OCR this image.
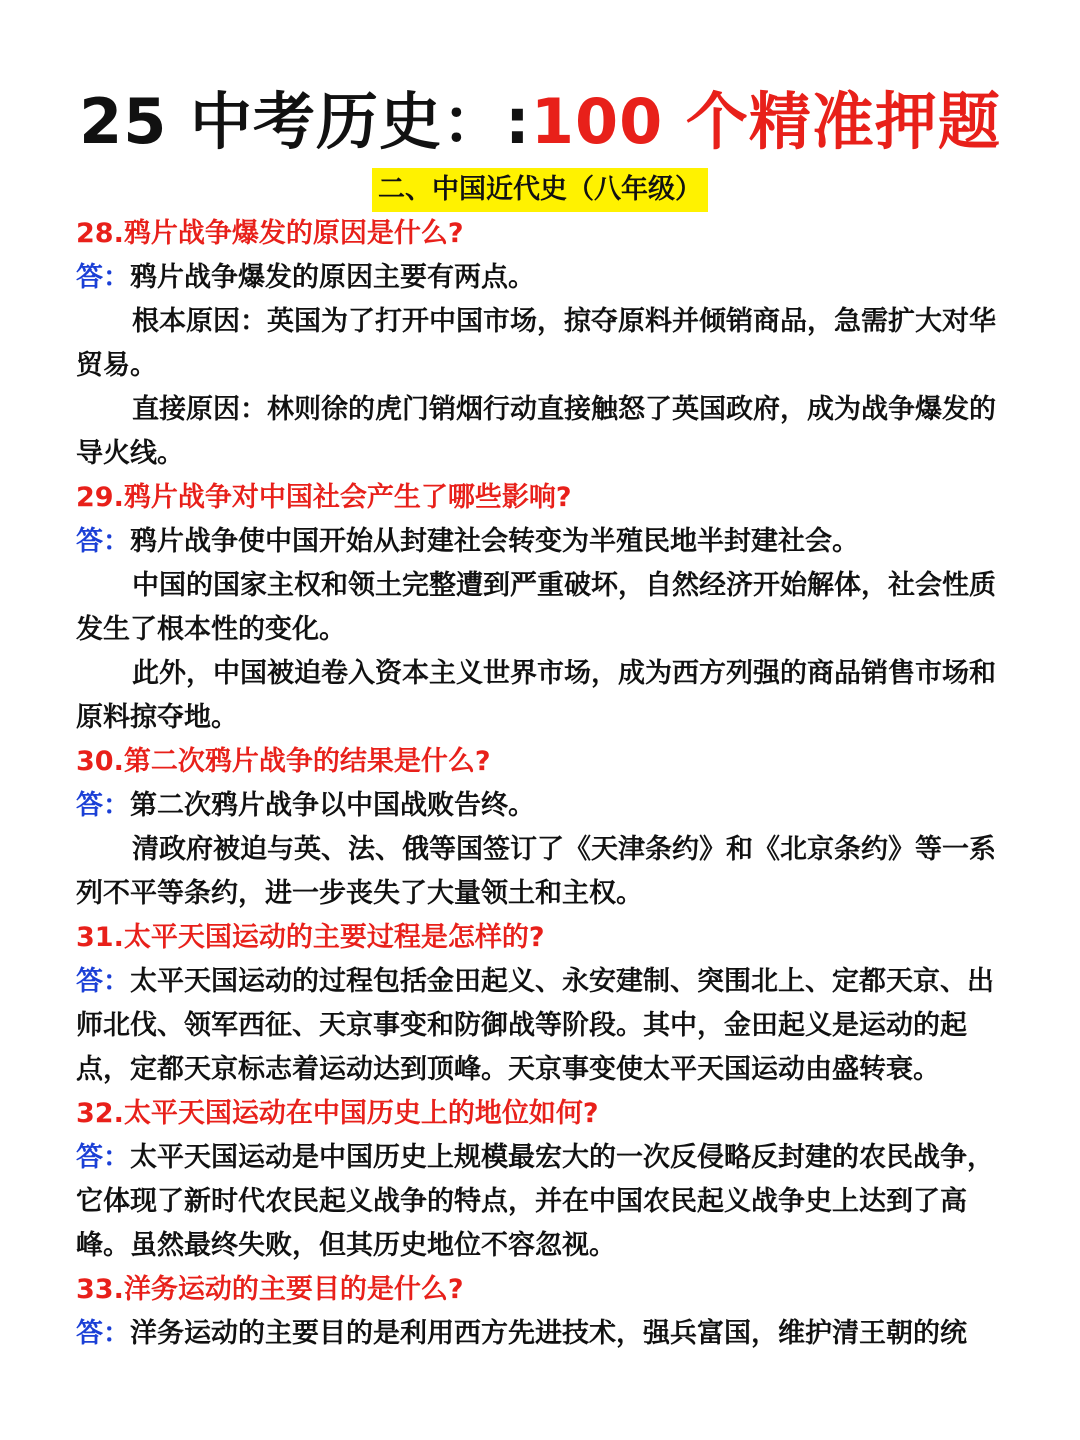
25 中考历史：:100 个精准押题
二、中国近代史（八年级）
28.鸦片战争爆发的原因是什么?
答：鸦片战争爆发的原因主要有两点。
根本原因：英国为了打开中国市场，掠夺原料并倾销商品，急需扩大对华贸易。
直接原因：林则徐的虎门销烟行动直接触怒了英国政府，成为战争爆发的导火线。
29.鸦片战争对中国社会产生了哪些影响?
答：鸦片战争使中国开始从封建社会转变为半殖民地半封建社会。
中国的国家主权和领土完整遭到严重破坏，自然经济开始解体，社会性质发生了根本性的变化。
此外，中国被迫卷入资本主义世界市场，成为西方列强的商品销售市场和原料掠夺地。
30.第二次鸦片战争的结果是什么?
答：第二次鸦片战争以中国战败告终。
清政府被迫与英、法、俄等国签订了《天津条约》和《北京条约》等一系列不平等条约，进一步丧失了大量领土和主权。
31.太平天国运动的主要过程是怎样的?
答：太平天国运动的过程包括金田起义、永安建制、突围北上、定都天京、出师北伐、领军西征、天京事变和防御战等阶段。其中，金田起义是运动的起点，定都天京标志着运动达到顶峰。天京事变使太平天国运动由盛转衰。
32.太平天国运动在中国历史上的地位如何?
答：太平天国运动是中国历史上规模最宏大的一次反侵略反封建的农民战争，它体现了新时代农民起义战争的特点，并在中国农民起义战争史上达到了高峰。虽然最终失败，但其历史地位不容忽视。
33.洋务运动的主要目的是什么?
答：洋务运动的主要目的是利用西方先进技术，强兵富国，维护清王朝的统
